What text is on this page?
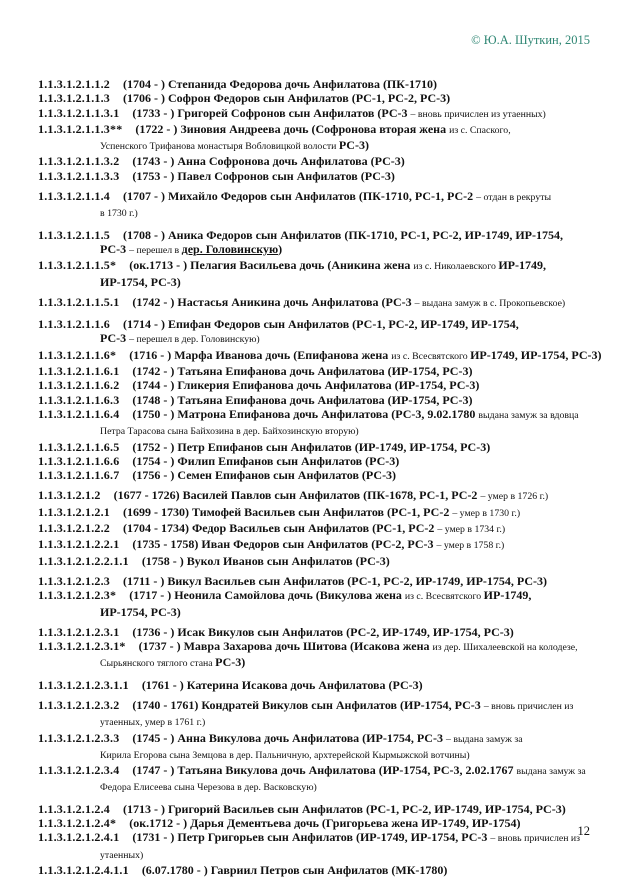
© Ю.А. Шуткин, 2015
1.1.3.1.2.1.1.2 (1704 - ) Степанида Федорова дочь Анфилатова (ПК-1710)
1.1.3.1.2.1.1.3 (1706 - ) Софрон Федоров сын Анфилатов (РС-1, РС-2, РС-3)
1.1.3.1.2.1.1.3.1 (1733 - ) Григорей Софронов сын Анфилатов (РС-3 – вновь причислен из утаенных)
1.1.3.1.2.1.1.3** (1722 - ) Зиновия Андреева дочь (Софронова вторая жена из с. Спаского,
Успенского Трифанова монастыря Вобловицкой волости РС-3)
1.1.3.1.2.1.1.3.2 (1743 - ) Анна Софронова дочь Анфилатова (РС-3)
1.1.3.1.2.1.1.3.3 (1753 - ) Павел Софронов сын Анфилатов (РС-3)
1.1.3.1.2.1.1.4 (1707 - ) Михайло Федоров сын Анфилатов (ПК-1710, РС-1, РС-2 – отдан в рекруты
в 1730 г.)
1.1.3.1.2.1.1.5 (1708 - ) Аника Федоров сын Анфилатов (ПК-1710, РС-1, РС-2, ИР-1749, ИР-1754,
РС-3 – перешел в дер. Головинскую)
1.1.3.1.2.1.1.5* (ок.1713 - ) Пелагия Васильева дочь (Аникина жена из с. Николаевского ИР-1749,
ИР-1754, РС-3)
1.1.3.1.2.1.1.5.1 (1742 - ) Настасья Аникина дочь Анфилатова (РС-3 – выдана замуж в с. Прокопьевское)
1.1.3.1.2.1.1.6 (1714 - ) Епифан Федоров сын Анфилатов (РС-1, РС-2, ИР-1749, ИР-1754,
РС-3 – перешел в дер. Головинскую)
1.1.3.1.2.1.1.6* (1716 - ) Марфа Иванова дочь (Епифанова жена из с. Всесвятского ИР-1749, ИР-1754, РС-3)
1.1.3.1.2.1.1.6.1 (1742 - ) Татьяна Епифанова дочь Анфилатова (ИР-1754, РС-3)
1.1.3.1.2.1.1.6.2 (1744 - ) Гликерия Епифанова дочь Анфилатова (ИР-1754, РС-3)
1.1.3.1.2.1.1.6.3 (1748 - ) Татьяна Епифанова дочь Анфилатова (ИР-1754, РС-3)
1.1.3.1.2.1.1.6.4 (1750 - ) Матрона Епифанова дочь Анфилатова (РС-3, 9.02.1780 выдана замуж за вдовца
Петра Тарасова сына Байхозина в дер. Байхозинскую вторую)
1.1.3.1.2.1.1.6.5 (1752 - ) Петр Епифанов сын Анфилатов (ИР-1749, ИР-1754, РС-3)
1.1.3.1.2.1.1.6.6 (1754 - ) Филип Епифанов сын Анфилатов (РС-3)
1.1.3.1.2.1.1.6.7 (1756 - ) Семен Епифанов сын Анфилатов (РС-3)
1.1.3.1.2.1.2 (1677 - 1726) Василей Павлов сын Анфилатов (ПК-1678, РС-1, РС-2 – умер в 1726 г.)
1.1.3.1.2.1.2.1 (1699 - 1730) Тимофей Васильев сын Анфилатов (РС-1, РС-2 – умер в 1730 г.)
1.1.3.1.2.1.2.2 (1704 - 1734) Федор Васильев сын Анфилатов (РС-1, РС-2 – умер в 1734 г.)
1.1.3.1.2.1.2.2.1 (1735 - 1758) Иван Федоров сын Анфилатов (РС-2, РС-3 – умер в 1758 г.)
1.1.3.1.2.1.2.2.1.1 (1758 - ) Вукол Иванов сын Анфилатов (РС-3)
1.1.3.1.2.1.2.3 (1711 - ) Викул Васильев сын Анфилатов (РС-1, РС-2, ИР-1749, ИР-1754, РС-3)
1.1.3.1.2.1.2.3* (1717 - ) Неонила Самойлова дочь (Викулова жена из с. Всесвятского ИР-1749,
ИР-1754, РС-3)
1.1.3.1.2.1.2.3.1 (1736 - ) Исак Викулов сын Анфилатов (РС-2, ИР-1749, ИР-1754, РС-3)
1.1.3.1.2.1.2.3.1* (1737 - ) Мавра Захарова дочь Шитова (Исакова жена из дер. Шихалеевской на колодезе,
Сырьянского тяглого стана РС-3)
1.1.3.1.2.1.2.3.1.1 (1761 - ) Катерина Исакова дочь Анфилатова (РС-3)
1.1.3.1.2.1.2.3.2 (1740 - 1761) Кондратей Викулов сын Анфилатов (ИР-1754, РС-3 – вновь причислен из
утаенных, умер в 1761 г.)
1.1.3.1.2.1.2.3.3 (1745 - ) Анна Викулова дочь Анфилатова (ИР-1754, РС-3 – выдана замуж за
Кирила Егорова сына Земцова в дер. Пальничную, архтерейской Кырмыжской вотчины)
1.1.3.1.2.1.2.3.4 (1747 - ) Татьяна Викулова дочь Анфилатова (ИР-1754, РС-3, 2.02.1767 выдана замуж за
Федора Елисеева сына Черезова в дер. Васковскую)
1.1.3.1.2.1.2.4 (1713 - ) Григорий Васильев сын Анфилатов (РС-1, РС-2, ИР-1749, ИР-1754, РС-3)
1.1.3.1.2.1.2.4* (ок.1712 - ) Дарья Дементьева дочь (Григорьева жена ИР-1749, ИР-1754)
1.1.3.1.2.1.2.4.1 (1731 - ) Петр Григорьев сын Анфилатов (ИР-1749, ИР-1754, РС-3 – вновь причислен из
утаенных)
1.1.3.1.2.1.2.4.1.1 (6.07.1780 - ) Гавриил Петров сын Анфилатов (МК-1780)
12
